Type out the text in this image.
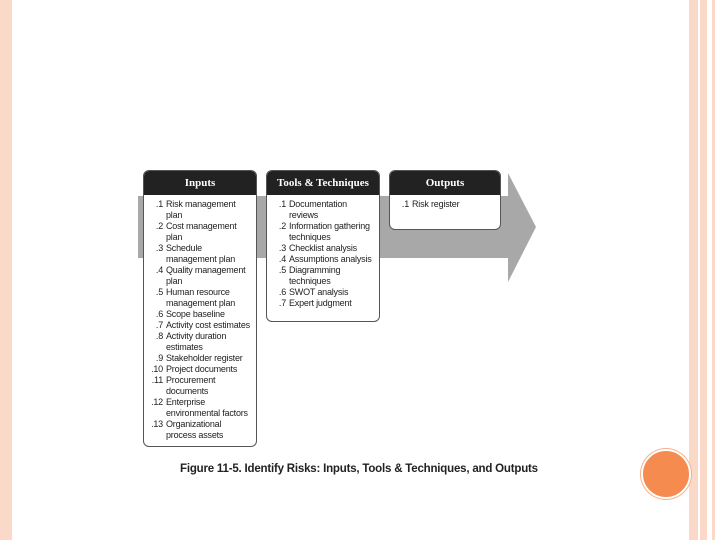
Inputs
.1 Risk management plan
.2 Cost management plan
.3 Schedule management plan
.4 Quality management plan
.5 Human resource management plan
.6 Scope baseline
.7 Activity cost estimates
.8 Activity duration estimates
.9 Stakeholder register
.10 Project documents
.11 Procurement documents
.12 Enterprise environmental factors
.13 Organizational process assets
Tools & Techniques
.1 Documentation reviews
.2 Information gathering techniques
.3 Checklist analysis
.4 Assumptions analysis
.5 Diagramming techniques
.6 SWOT analysis
.7 Expert judgment
Outputs
.1 Risk register
Figure 11-5. Identify Risks: Inputs, Tools & Techniques, and Outputs
